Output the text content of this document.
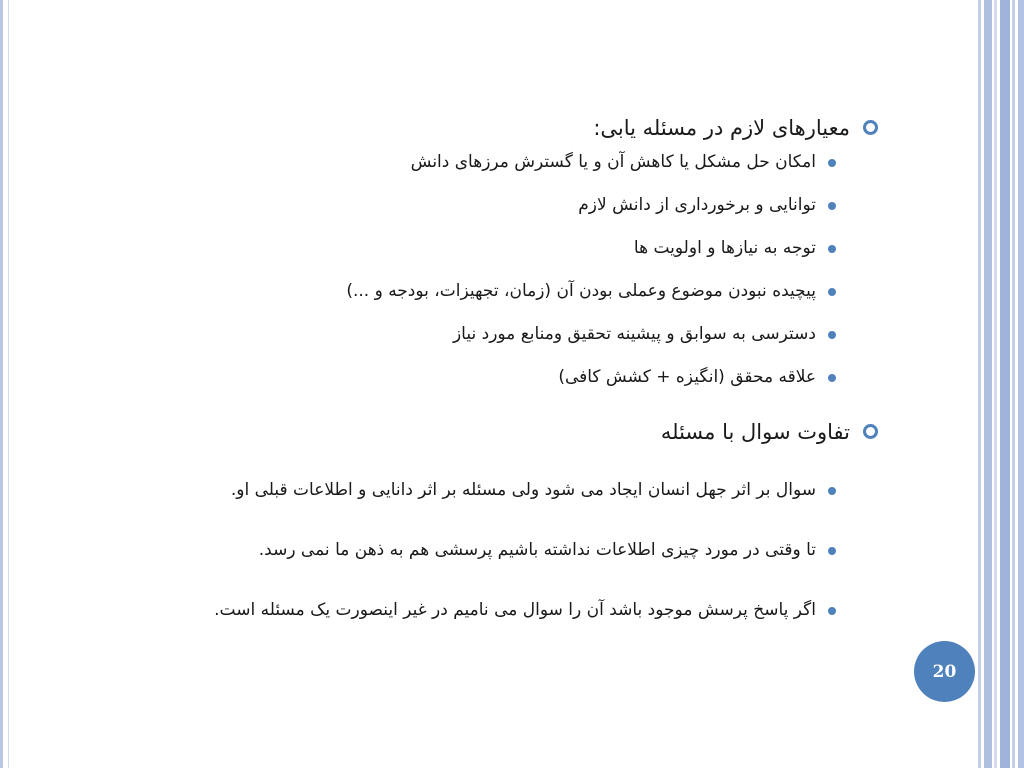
معیارهای لازم در مسئله یابی:
امکان حل مشکل یا کاهش آن و یا گسترش مرزهای دانش
توانایی و برخورداری از دانش لازم
توجه به نیازها و اولویت ها
پیچیده نبودن موضوع وعملی بودن آن (زمان، تجهیزات، بودجه و ...)
دسترسی به سوابق و پیشینه تحقیق ومنابع مورد نیاز
علاقه محقق (انگیزه + کشش کافی)
تفاوت سوال با مسئله
سوال بر اثر جهل انسان ایجاد می شود ولی مسئله بر اثر دانایی و اطلاعات قبلی او.
تا وقتی در مورد چیزی اطلاعات نداشته باشیم پرسشی هم به ذهن ما نمی رسد.
اگر پاسخ پرسش موجود باشد آن را سوال می نامیم در غیر اینصورت یک مسئله است.
20
